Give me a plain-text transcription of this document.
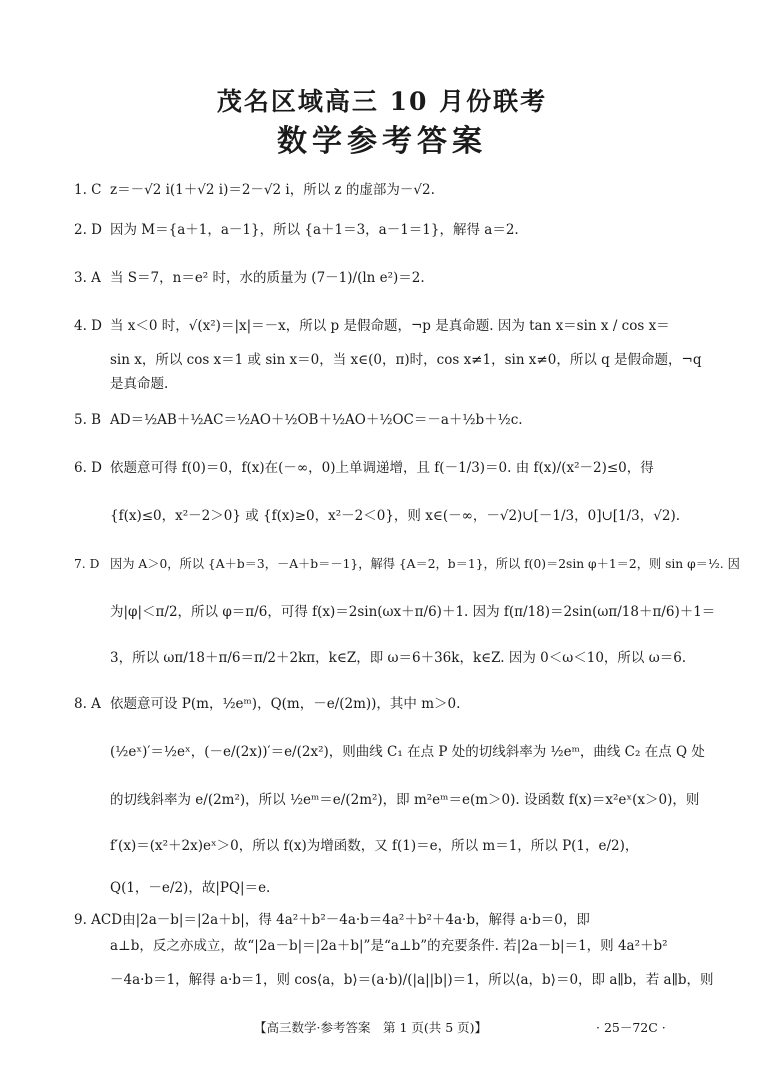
茂名区域高三 10 月份联考
数学参考答案
1. C z＝－√2 i(1＋√2 i)＝2－√2 i，所以 z 的虚部为－√2.
2. D 因为 M＝{a＋1，a－1}，所以 {a＋1＝3，a－1＝1}，解得 a＝2.
3. A 当 S＝7，n＝e² 时，水的质量为 (7－1)/(ln e²)＝2.
4. D 当 x＜0 时，√(x²)＝|x|＝－x，所以 p 是假命题，¬p 是真命题. 因为 tan x＝sin x / cos x＝
sin x，所以 cos x＝1 或 sin x＝0，当 x∈(0，π)时，cos x≠1，sin x≠0，所以 q 是假命题，¬q
是真命题.
5. B AD＝½AB＋½AC＝½AO＋½OB＋½AO＋½OC＝－a＋½b＋½c.
6. D 依题意可得 f(0)＝0，f(x)在(－∞，0)上单调递增，且 f(－1/3)＝0. 由 f(x)/(x²－2)≤0，得
{f(x)≤0，x²－2＞0} 或 {f(x)≥0，x²－2＜0}，则 x∈(－∞，－√2)∪[－1/3，0]∪[1/3，√2).
7. D 因为 A＞0，所以 {A＋b＝3，－A＋b＝－1}，解得 {A＝2，b＝1}，所以 f(0)＝2sin φ＋1＝2，则 sin φ＝½. 因
为|φ|＜π/2，所以 φ＝π/6，可得 f(x)＝2sin(ωx＋π/6)＋1. 因为 f(π/18)＝2sin(ωπ/18＋π/6)＋1＝
3，所以 ωπ/18＋π/6＝π/2＋2kπ，k∈Z，即 ω＝6＋36k，k∈Z. 因为 0＜ω＜10，所以 ω＝6.
8. A 依题意可设 P(m，½eᵐ)，Q(m，－e/(2m))，其中 m＞0.
(½eˣ)′＝½eˣ，(－e/(2x))′＝e/(2x²)，则曲线 C₁ 在点 P 处的切线斜率为 ½eᵐ，曲线 C₂ 在点 Q 处
的切线斜率为 e/(2m²)，所以 ½eᵐ＝e/(2m²)，即 m²eᵐ＝e(m＞0). 设函数 f(x)＝x²eˣ(x＞0)，则
f′(x)＝(x²＋2x)eˣ＞0，所以 f(x)为增函数，又 f(1)＝e，所以 m＝1，所以 P(1，e/2)，
Q(1，－e/2)，故|PQ|＝e.
9. ACD由|2a－b|＝|2a＋b|，得 4a²＋b²－4a·b＝4a²＋b²＋4a·b，解得 a·b＝0，即
a⊥b，反之亦成立，故“|2a－b|＝|2a＋b|”是“a⊥b”的充要条件. 若|2a－b|＝1，则 4a²＋b²
－4a·b＝1，解得 a·b＝1，则 cos⟨a，b⟩＝(a·b)/(|a||b|)＝1，所以⟨a，b⟩＝0，即 a∥b，若 a∥b，则
【高三数学·参考答案　第 1 页(共 5 页)】	· 25－72C ·
